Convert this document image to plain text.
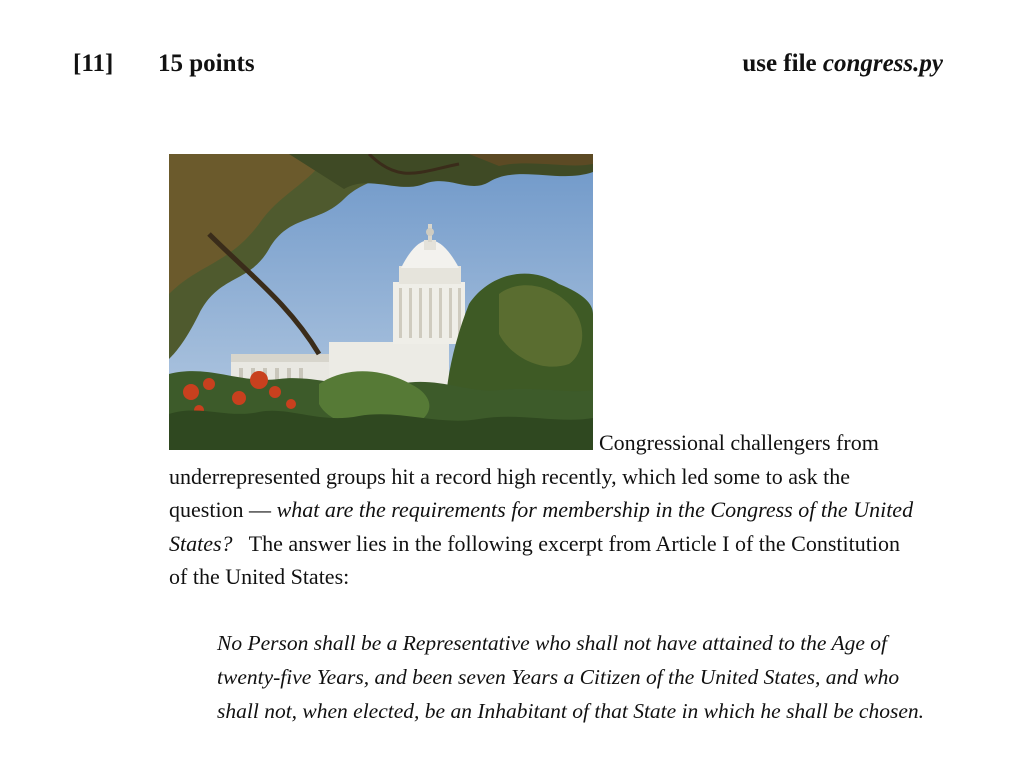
[11] 15 points	use file congress.py
Congressional challengers from
underrepresented groups hit a record high recently, which led some to ask the
question — what are the requirements for membership in the Congress of the United
States?   The answer lies in the following excerpt from Article I of the Constitution
of the United States:
No Person shall be a Representative who shall not have attained to the Age of
twenty-five Years, and been seven Years a Citizen of the United States, and who
shall not, when elected, be an Inhabitant of that State in which he shall be chosen.
